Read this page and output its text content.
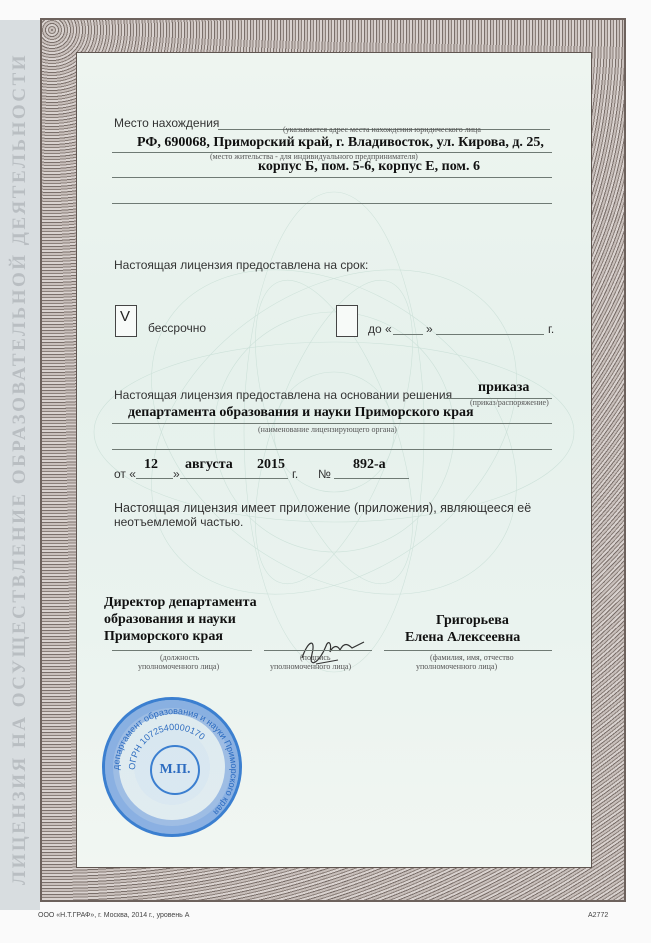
ЛИЦЕНЗИЯ НА ОСУЩЕСТВЛЕНИЕ ОБРАЗОВАТЕЛЬНОЙ ДЕЯТЕЛЬНОСТИ	Место нахождения	(указывается адрес места нахождения юридического лица
РФ, 690068, Приморский край, г. Владивосток, ул. Кирова, д. 25,
(место жительства - для индивидуального предпринимателя)
корпус Б, пом. 5-6, корпус Е, пом. 6
Настоящая лицензия предоставлена на срок:
V
бессрочно	до «	»	г.
Настоящая лицензия предоставлена на основании решения приказа
(приказ/распоряжение)
департамента образования и науки Приморского края
(наименование лицензирующего органа)
от «
12
»
августа 2015
г. №
892-а
Настоящая лицензия имеет приложение (приложения), являющееся её
неотъемлемой частью.
Директор департамента
образования и науки
Приморского края
(должность
уполномоченного лица)
(подпись
уполномоченного лица)
Григорьева
Елена Алексеевна
(фамилия, имя, отчество
уполномоченного лица)
департамент образования и науки Приморского края
ОГРН 1072540000170
М.П.
ООО «Н.Т.ГРАФ», г. Москва, 2014 г., уровень А	А2772
